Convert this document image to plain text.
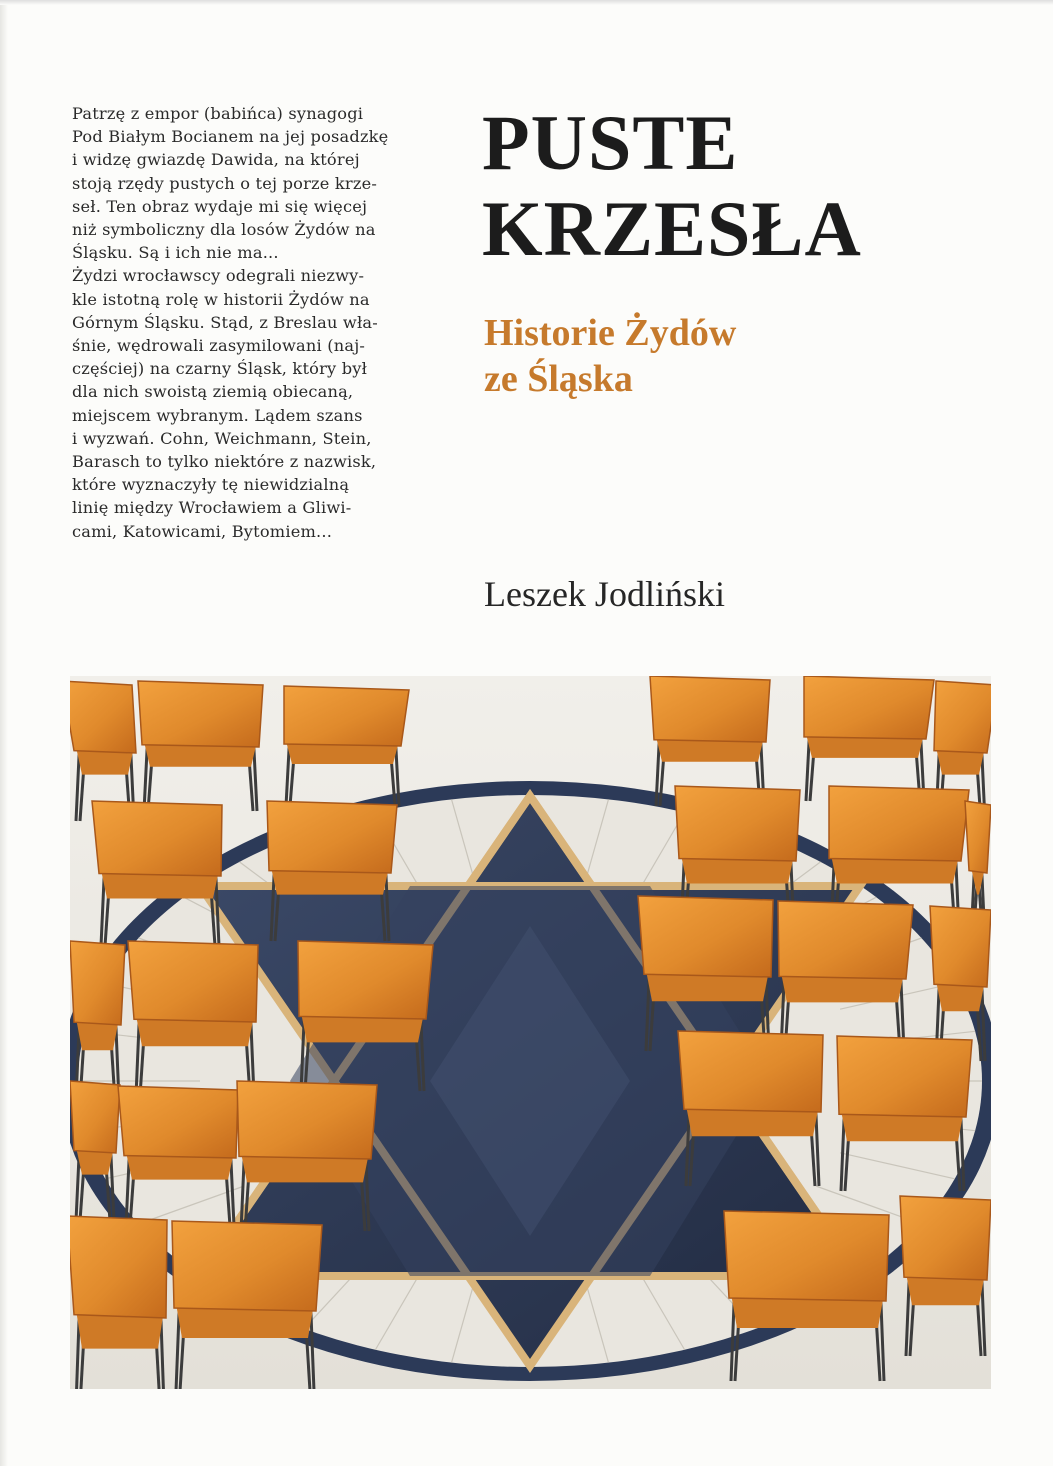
Patrzę z empor (babińca) synagogi
Pod Białym Bocianem na jej posadzkę
i widzę gwiazdę Dawida, na której
stoją rzędy pustych o tej porze krze-
seł. Ten obraz wydaje mi się więcej
niż symboliczny dla losów Żydów na
Śląsku. Są i ich nie ma...
Żydzi wrocławscy odegrali niezwy-
kle istotną rolę w historii Żydów na
Górnym Śląsku. Stąd, z Breslau wła-
śnie, wędrowali zasymilowani (naj-
częściej) na czarny Śląsk, który był
dla nich swoistą ziemią obiecaną,
miejscem wybranym. Lądem szans
i wyzwań. Cohn, Weichmann, Stein,
Barasch to tylko niektóre z nazwisk,
które wyznaczyły tę niewidzialną
linię między Wrocławiem a Gliwi-
cami, Katowicami, Bytomiem...

PUSTE
KRZESŁA
Historie Żydów
ze Śląska

Leszek Jodliński
